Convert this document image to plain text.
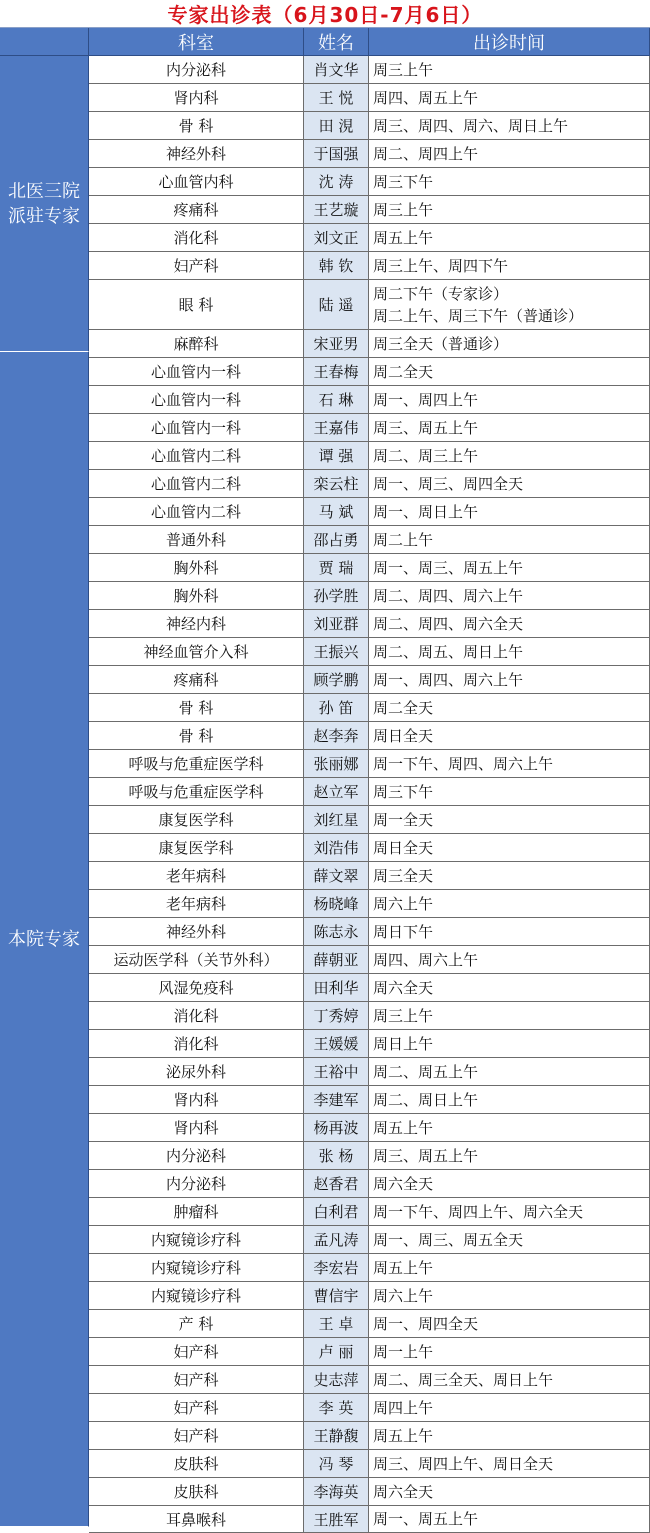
专家出诊表（6月30日-7月6日）
科室	姓名	出诊时间
北医三院
派驻专家
本院专家
内分泌科	肖文华 周三上午
肾内科	王 悦	周四、周五上午
骨 科	田 涀	周三、周四、周六、周日上午
神经外科	于国强 周二、周四上午
心血管内科	沈 涛	周三下午
疼痛科	王艺璇 周三上午
消化科	刘文正 周五上午
妇产科	韩 钦	周三上午、周四下午
眼 科	陆 遥
周二下午（专家诊）
周二上午、周三下午（普通诊）
麻醉科	宋亚男 周三全天（普通诊）
心血管内一科	王春梅 周二全天
心血管内一科	石 琳	周一、周四上午
心血管内一科	王嘉伟 周三、周五上午
心血管内二科	谭 强	周二、周三上午
心血管内二科	栾云柱 周一、周三、周四全天
心血管内二科	马 斌	周一、周日上午
普通外科	邵占勇 周二上午
胸外科	贾 瑞	周一、周三、周五上午
胸外科	孙学胜 周二、周四、周六上午
神经内科	刘亚群 周二、周四、周六全天
神经血管介入科	王振兴 周二、周五、周日上午
疼痛科	顾学鹏 周一、周四、周六上午
骨 科	孙 笛	周二全天
骨 科	赵李奔 周日全天
呼吸与危重症医学科	张丽娜 周一下午、周四、周六上午
呼吸与危重症医学科	赵立军 周三下午
康复医学科	刘红星 周一全天
康复医学科	刘浩伟 周日全天
老年病科	薛文翠 周三全天
老年病科	杨晓峰 周六上午
神经外科	陈志永 周日下午
运动医学科（关节外科）	薛朝亚 周四、周六上午
风湿免疫科	田利华 周六全天
消化科	丁秀婷 周三上午
消化科	王媛媛 周日上午
泌尿外科	王裕中 周二、周五上午
肾内科	李建军 周二、周日上午
肾内科	杨再波 周五上午
内分泌科	张 杨	周三、周五上午
内分泌科	赵香君 周六全天
肿瘤科	白利君 周一下午、周四上午、周六全天
内窥镜诊疗科	孟凡涛 周一、周三、周五全天
内窥镜诊疗科	李宏岩 周五上午
内窥镜诊疗科	曹信宇 周六上午
产 科	王 卓	周一、周四全天
妇产科	卢 丽	周一上午
妇产科	史志萍 周二、周三全天、周日上午
妇产科	李 英	周四上午
妇产科	王静馥 周五上午
皮肤科	冯 琴	周三、周四上午、周日全天
皮肤科	李海英 周六全天
耳鼻喉科	王胜军 周一、周五上午
